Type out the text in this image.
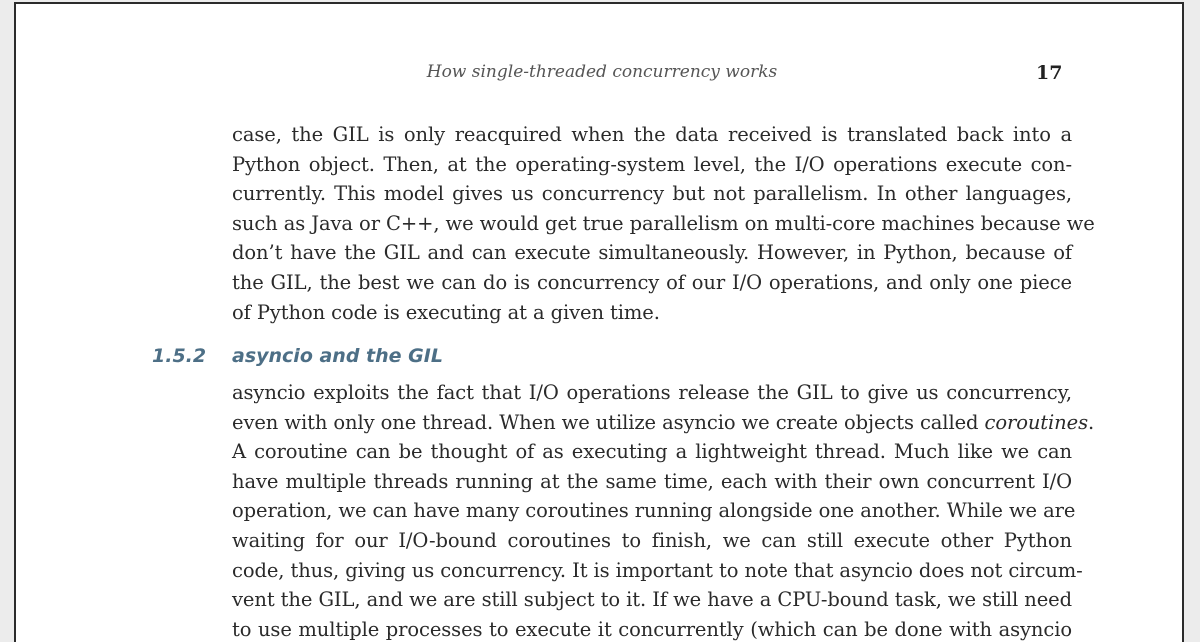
How single-threaded concurrency works	17
case, the GIL is only reacquired when the data received is translated back into a
Python object. Then, at the operating-system level, the I/O operations execute con-
currently. This model gives us concurrency but not parallelism. In other languages,
such as Java or C++, we would get true parallelism on multi-core machines because we
don’t have the GIL and can execute simultaneously. However, in Python, because of
the GIL, the best we can do is concurrency of our I/O operations, and only one piece
of Python code is executing at a given time.
1.5.2 asyncio and the GIL
asyncio exploits the fact that I/O operations release the GIL to give us concurrency,
even with only one thread. When we utilize asyncio we create objects called coroutines.
A coroutine can be thought of as executing a lightweight thread. Much like we can
have multiple threads running at the same time, each with their own concurrent I/O
operation, we can have many coroutines running alongside one another. While we are
waiting for our I/O-bound coroutines to finish, we can still execute other Python
code, thus, giving us concurrency. It is important to note that asyncio does not circum-
vent the GIL, and we are still subject to it. If we have a CPU-bound task, we still need
to use multiple processes to execute it concurrently (which can be done with asyncio
